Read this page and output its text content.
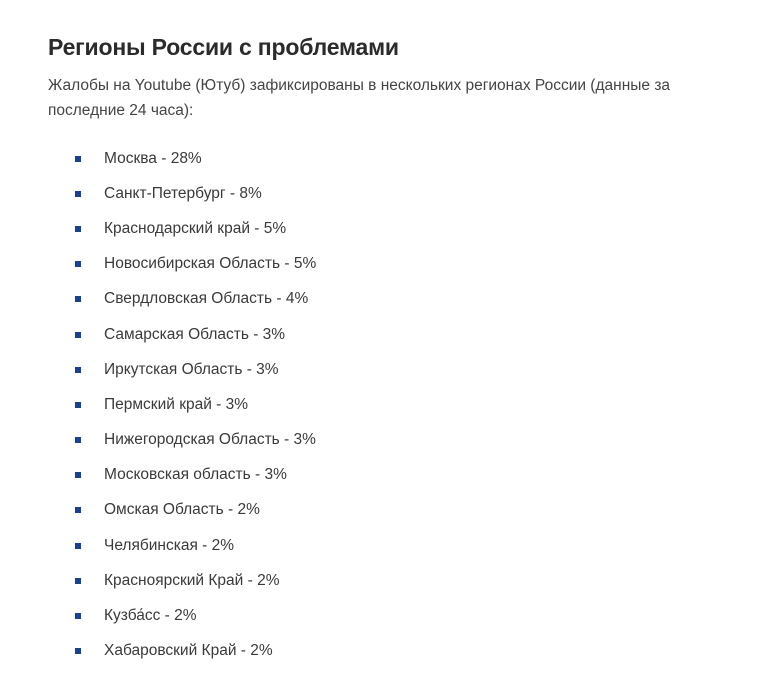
Регионы России с проблемами

Жалобы на Youtube (Ютуб) зафиксированы в нескольких регионах России (данные за последние 24 часа):

Москва - 28%
Санкт-Петербург - 8%
Краснодарский край - 5%
Новосибирская Область - 5%
Свердловская Область - 4%
Самарская Область - 3%
Иркутская Область - 3%
Пермский край - 3%
Нижегородская Область - 3%
Московская область - 3%
Омская Область - 2%
Челябинская - 2%
Красноярский Край - 2%
Кузба́сс - 2%
Хабаровский Край - 2%
